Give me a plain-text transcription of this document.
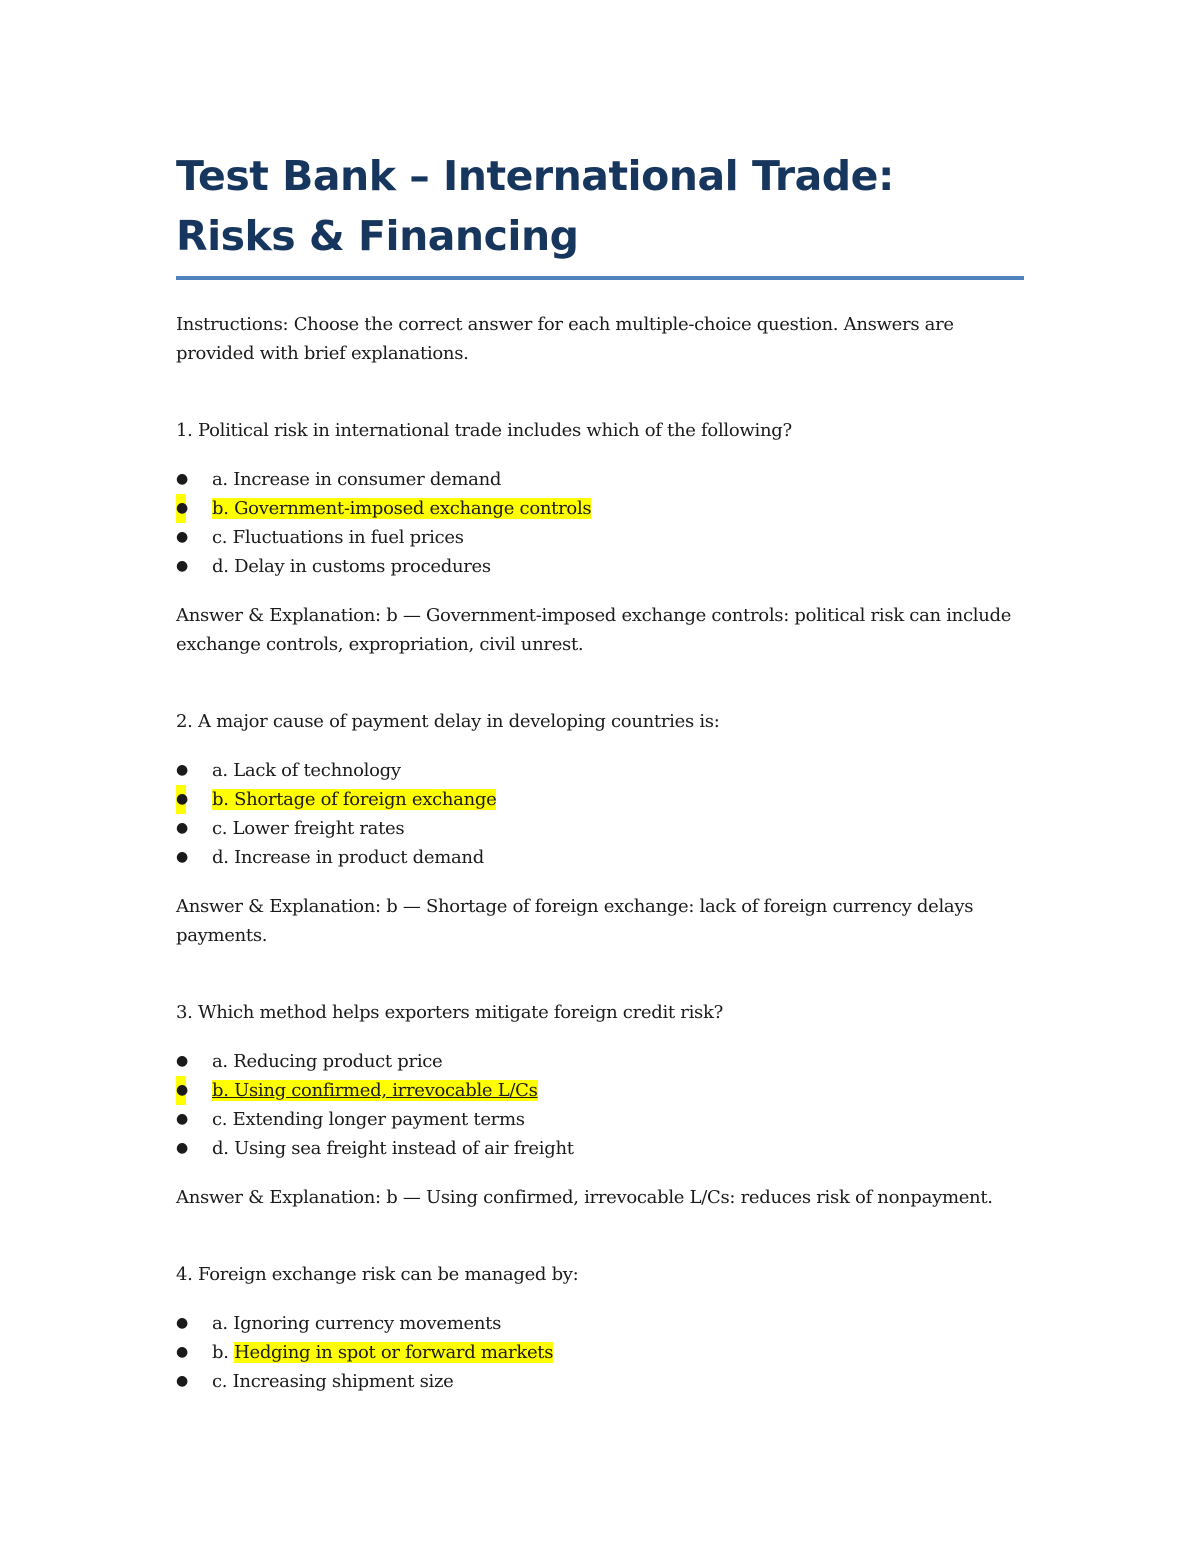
Test Bank – International Trade: Risks & Financing

Instructions: Choose the correct answer for each multiple-choice question. Answers are provided with brief explanations.

1. Political risk in international trade includes which of the following?

● a. Increase in consumer demand
● b. Government-imposed exchange controls
● c. Fluctuations in fuel prices
● d. Delay in customs procedures

Answer & Explanation: b — Government-imposed exchange controls: political risk can include exchange controls, expropriation, civil unrest.

2. A major cause of payment delay in developing countries is:

● a. Lack of technology
● b. Shortage of foreign exchange
● c. Lower freight rates
● d. Increase in product demand

Answer & Explanation: b — Shortage of foreign exchange: lack of foreign currency delays payments.

3. Which method helps exporters mitigate foreign credit risk?

● a. Reducing product price
● b. Using confirmed, irrevocable L/Cs
● c. Extending longer payment terms
● d. Using sea freight instead of air freight

Answer & Explanation: b — Using confirmed, irrevocable L/Cs: reduces risk of nonpayment.

4. Foreign exchange risk can be managed by:

● a. Ignoring currency movements
● b. Hedging in spot or forward markets
● c. Increasing shipment size
